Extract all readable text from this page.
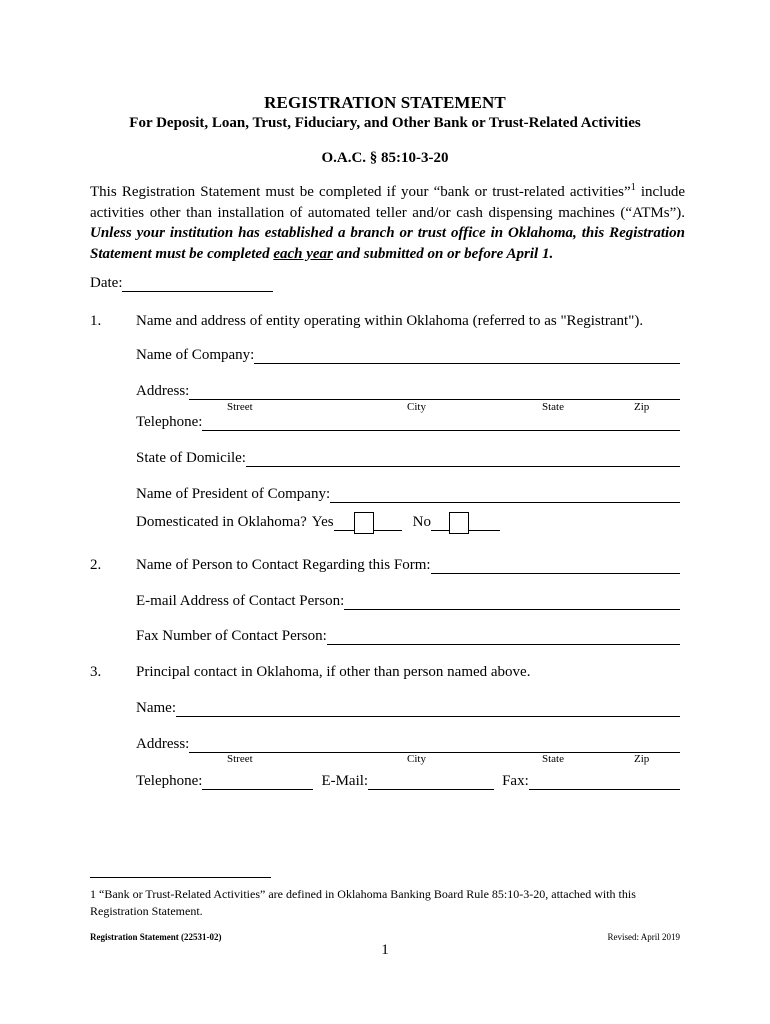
REGISTRATION STATEMENT
For Deposit, Loan, Trust, Fiduciary, and Other Bank or Trust-Related Activities
O.A.C. § 85:10-3-20
This Registration Statement must be completed if your “bank or trust-related activities”$^1$ include activities other than installation of automated teller and/or cash dispensing machines (“ATMs”). Unless your institution has established a branch or trust office in Oklahoma, this Registration Statement must be completed each year and submitted on or before April 1.
Date:
1. Name and address of entity operating within Oklahoma (referred to as "Registrant").
Name of Company:
Address:
Street	City	State	Zip
Telephone:
State of Domicile:
Name of President of Company:
Domesticated in Oklahoma? Yes	No
2. Name of Person to Contact Regarding this Form:
E-mail Address of Contact Person:
Fax Number of Contact Person:
3. Principal contact in Oklahoma, if other than person named above.
Name:
Address:
Street	City	State	Zip
Telephone:	E-Mail:	Fax:
1 “Bank or Trust-Related Activities” are defined in Oklahoma Banking Board Rule 85:10-3-20, attached with this Registration Statement.
Registration Statement (22531-02)	Revised: April 2019
1
